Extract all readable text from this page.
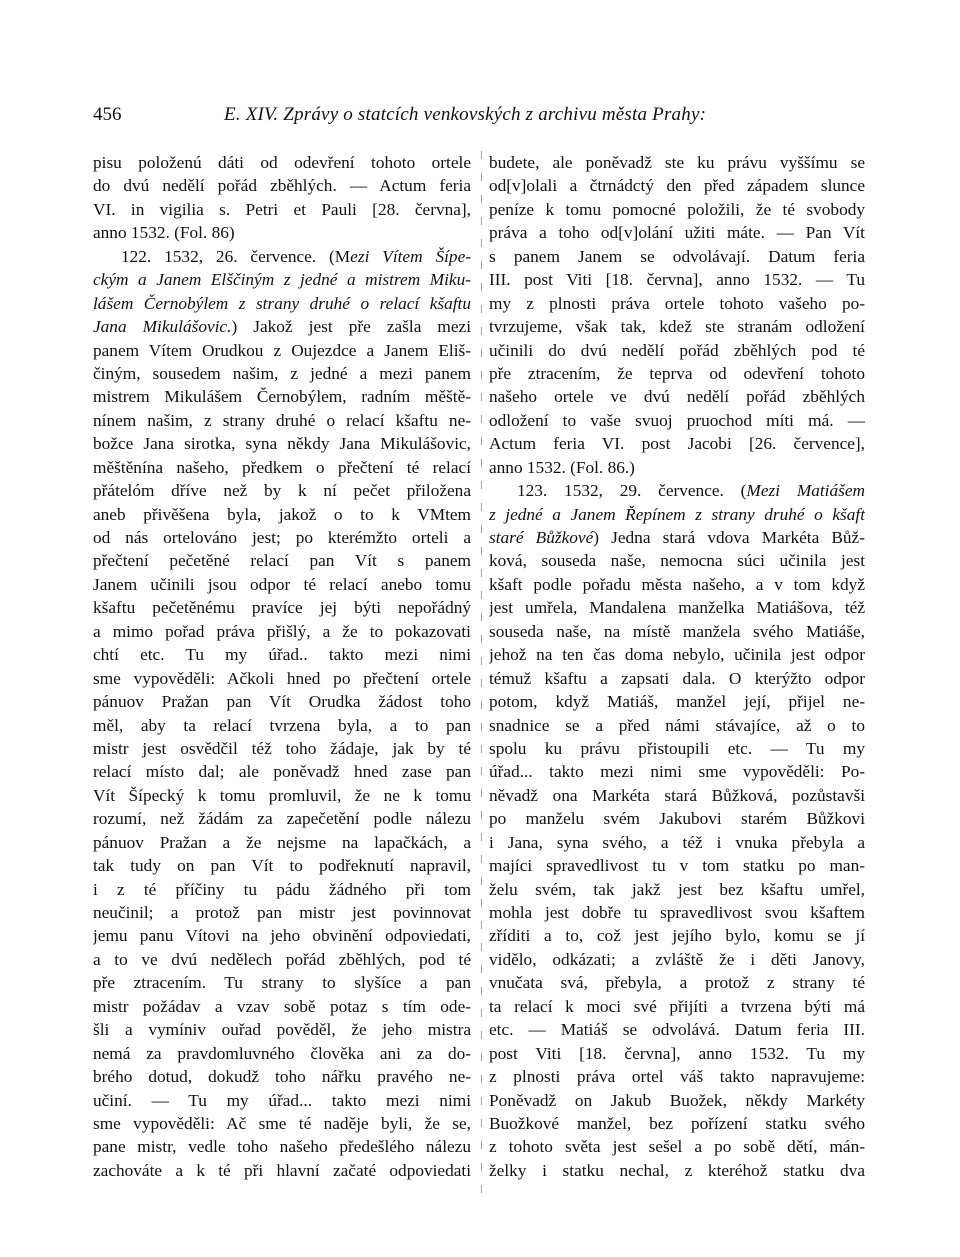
456	E. XIV. Zprávy o statcích venkovských z archivu města Prahy:
pisu položenú dáti od odevření tohoto ortele
do dvú nedělí pořád zběhlých. — Actum feria
VI. in vigilia s. Petri et Pauli [28. června],
anno 1532. (Fol. 86)
122. 1532, 26. července. (Mezi Vítem Šípe-
ckým a Janem Elščiným z jedné a mistrem Miku-
lášem Černobýlem z strany druhé o relací kšaftu
Jana Mikulášovic.) Jakož jest pře zašla mezi
panem Vítem Orudkou z Oujezdce a Janem Eliš-
činým, sousedem našim, z jedné a mezi panem
mistrem Mikulášem Černobýlem, radním měště-
nínem našim, z strany druhé o relací kšaftu ne-
božce Jana sirotka, syna někdy Jana Mikulášovic,
měštěnína našeho, předkem o přečtení té relací
přátelóm dříve než by k ní pečet přiložena
aneb přivěšena byla, jakož o to k VMtem
od nás ortelováno jest; po kterémžto orteli a
přečtení pečetěné relací pan Vít s panem
Janem učinili jsou odpor té relací anebo tomu
kšaftu pečetěnému pravíce jej býti nepořádný
a mimo pořad práva přišlý, a že to pokazovati
chtí etc. Tu my úřad.. takto mezi nimi
sme vypověděli: Ačkoli hned po přečtení ortele
pánuov Pražan pan Vít Orudka žádost toho
měl, aby ta relací tvrzena byla, a to pan
mistr jest osvědčil též toho žádaje, jak by té
relací místo dal; ale poněvadž hned zase pan
Vít Šípecký k tomu promluvil, že ne k tomu
rozumí, než žádám za zapečetění podle nálezu
pánuov Pražan a že nejsme na lapačkách, a
tak tudy on pan Vít to podřeknutí napravil,
i z té příčiny tu pádu žádného při tom
neučinil; a protož pan mistr jest povinnovat
jemu panu Vítovi na jeho obvinění odpoviedati,
a to ve dvú nedělech pořád zběhlých, pod té
pře ztracením. Tu strany to slyšíce a pan
mistr požádav a vzav sobě potaz s tím ode-
šli a vymíniv ouřad pověděl, že jeho mistra
nemá za pravdomluvného člověka ani za do-
brého dotud, dokudž toho nářku pravého ne-
učiní. — Tu my úřad... takto mezi nimi
sme vypověděli: Ač sme té naděje byli, že se,
pane mistr, vedle toho našeho předešlého nálezu
zachováte a k té při hlavní začaté odpoviedati
budete, ale poněvadž ste ku právu vyššímu se
od[v]olali a čtrnádctý den před západem slunce
peníze k tomu pomocné položili, že té svobody
práva a toho od[v]olání užiti máte. — Pan Vít
s panem Janem se odvolávají. Datum feria
III. post Viti [18. června], anno 1532. — Tu
my z plnosti práva ortele tohoto vašeho po-
tvrzujeme, však tak, kdež ste stranám odložení
učinili do dvú nedělí pořád zběhlých pod té
pře ztracením, že teprva od odevření tohoto
našeho ortele ve dvú nedělí pořád zběhlých
odložení to vaše svuoj pruochod míti má. —
Actum feria VI. post Jacobi [26. července],
anno 1532. (Fol. 86.)
123. 1532, 29. července. (Mezi Matiášem
z jedné a Janem Řepínem z strany druhé o kšaft
staré Bůžkové) Jedna stará vdova Markéta Bůž-
ková, souseda naše, nemocna súci učinila jest
kšaft podle pořadu města našeho, a v tom když
jest umřela, Mandalena manželka Matiášova, též
souseda naše, na místě manžela svého Matiáše,
jehož na ten čas doma nebylo, učinila jest odpor
témuž kšaftu a zapsati dala. O kterýžto odpor
potom, když Matiáš, manžel její, přijel ne-
snadnice se a před námi stávajíce, až o to
spolu ku právu přistoupili etc. — Tu my
úřad... takto mezi nimi sme vypověděli: Po-
něvadž ona Markéta stará Bůžková, pozůstavši
po manželu svém Jakubovi starém Bůžkovi
i Jana, syna svého, a též i vnuka přebyla a
majíci spravedlivost tu v tom statku po man-
želu svém, tak jakž jest bez kšaftu umřel,
mohla jest dobře tu spravedlivost svou kšaftem
zříditi a to, což jest jejího bylo, komu se jí
vidělo, odkázati; a zvláště že i děti Janovy,
vnučata svá, přebyla, a protož z strany té
ta relací k moci své přijíti a tvrzena býti má
etc. — Matiáš se odvolává. Datum feria III.
post Viti [18. června], anno 1532. Tu my
z plnosti práva ortel váš takto napravujeme:
Poněvadž on Jakub Buožek, někdy Markéty
Buožkové manžel, bez pořízení statku svého
z tohoto světa jest sešel a po sobě dětí, mán-
želky i statku nechal, z kteréhož statku dva
